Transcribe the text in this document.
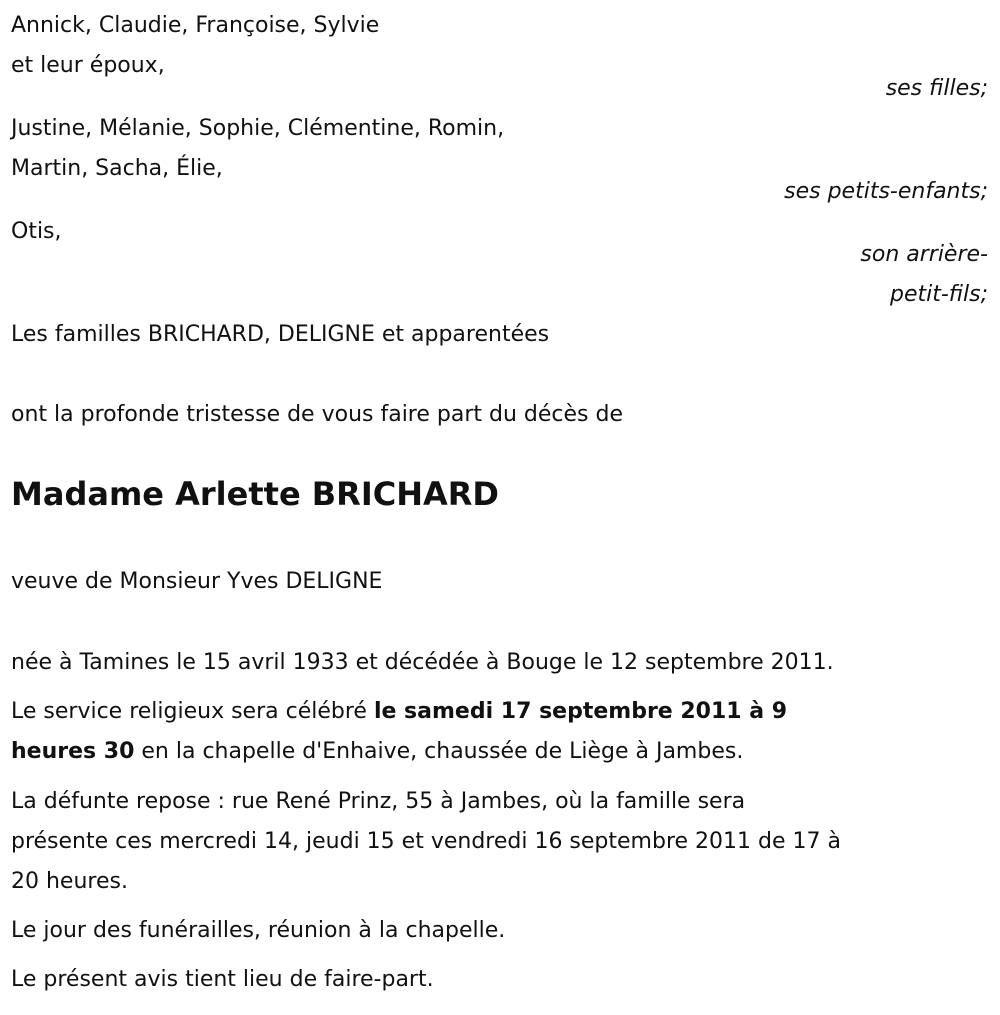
Annick, Claudie, Françoise, Sylvie
et leur époux,
ses filles;
Justine, Mélanie, Sophie, Clémentine, Romin,
Martin, Sacha, Élie,
ses petits-enfants;
Otis,
son arrière-
petit-fils;
Les familles BRICHARD, DELIGNE et apparentées
ont la profonde tristesse de vous faire part du décès de
Madame Arlette BRICHARD
veuve de Monsieur Yves DELIGNE
née à Tamines le 15 avril 1933 et décédée à Bouge le 12 septembre 2011.
Le service religieux sera célébré le samedi 17 septembre 2011 à 9
heures 30 en la chapelle d'Enhaive, chaussée de Liège à Jambes.
La défunte repose : rue René Prinz, 55 à Jambes, où la famille sera
présente ces mercredi 14, jeudi 15 et vendredi 16 septembre 2011 de 17 à
20 heures.
Le jour des funérailles, réunion à la chapelle.
Le présent avis tient lieu de faire-part.
